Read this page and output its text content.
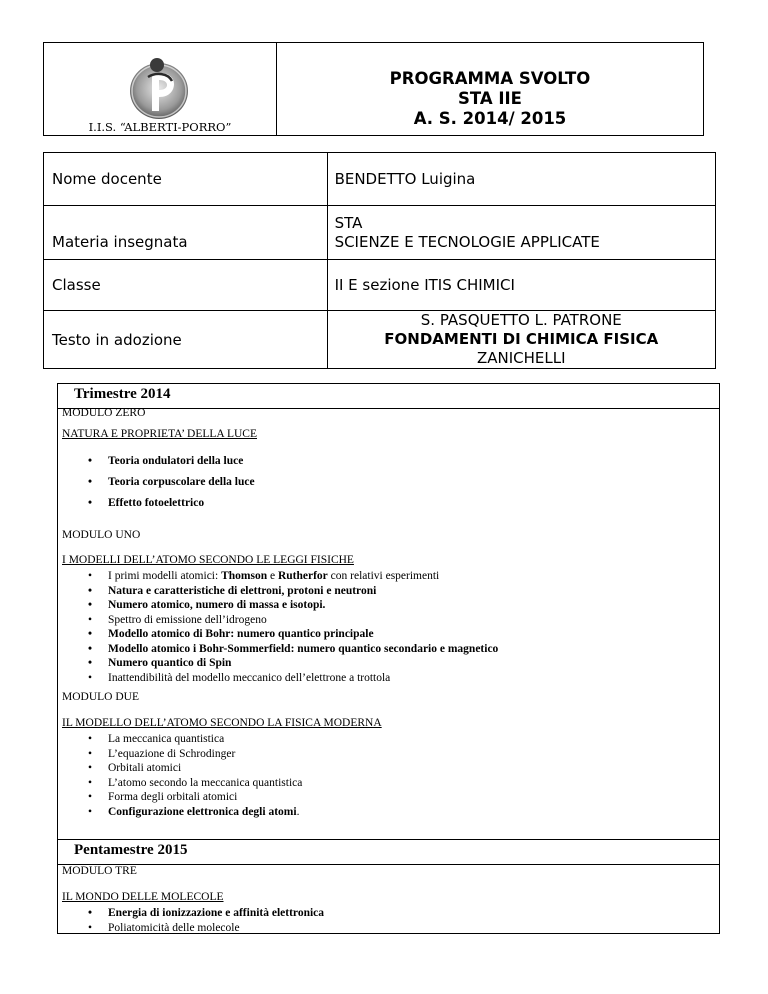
I.I.S. “ALBERTI-PORRO”
PROGRAMMA SVOLTO
STA IIE
A. S. 2014/ 2015
Nome docente	BENDETTO Luigina
Materia insegnata	STA
SCIENZE E TECNOLOGIE APPLICATE

Classe	II E sezione ITIS CHIMICI
Testo in adozione	S. PASQUETTO L. PATRONE
FONDAMENTI DI CHIMICA FISICA
ZANICHELLI
Trimestre 2014
MODULO ZERO
NATURA E PROPRIETA’ DELLA LUCE
• Teoria ondulatori della luce
• Teoria corpuscolare della luce
• Effetto fotoelettrico
MODULO UNO
I MODELLI DELL’ATOMO SECONDO LE LEGGI FISICHE
• I primi modelli atomici: Thomson e Rutherfor con relativi esperimenti
• Natura e caratteristiche di elettroni, protoni e neutroni
• Numero atomico, numero di massa e isotopi.
• Spettro di emissione dell’idrogeno
• Modello atomico di Bohr: numero quantico principale
• Modello atomico i Bohr-Sommerfield: numero quantico secondario e magnetico
• Numero quantico di Spin
• Inattendibilità del modello meccanico dell’elettrone a trottola
MODULO DUE
IL MODELLO DELL’ATOMO SECONDO LA FISICA MODERNA
• La meccanica quantistica
• L’equazione di Schrodinger
• Orbitali atomici
• L’atomo secondo la meccanica quantistica
• Forma degli orbitali atomici
• Configurazione elettronica degli atomi.
Pentamestre 2015
MODULO TRE
IL MONDO DELLE MOLECOLE
• Energia di ionizzazione e affinità elettronica
• Poliatomicità delle molecole
